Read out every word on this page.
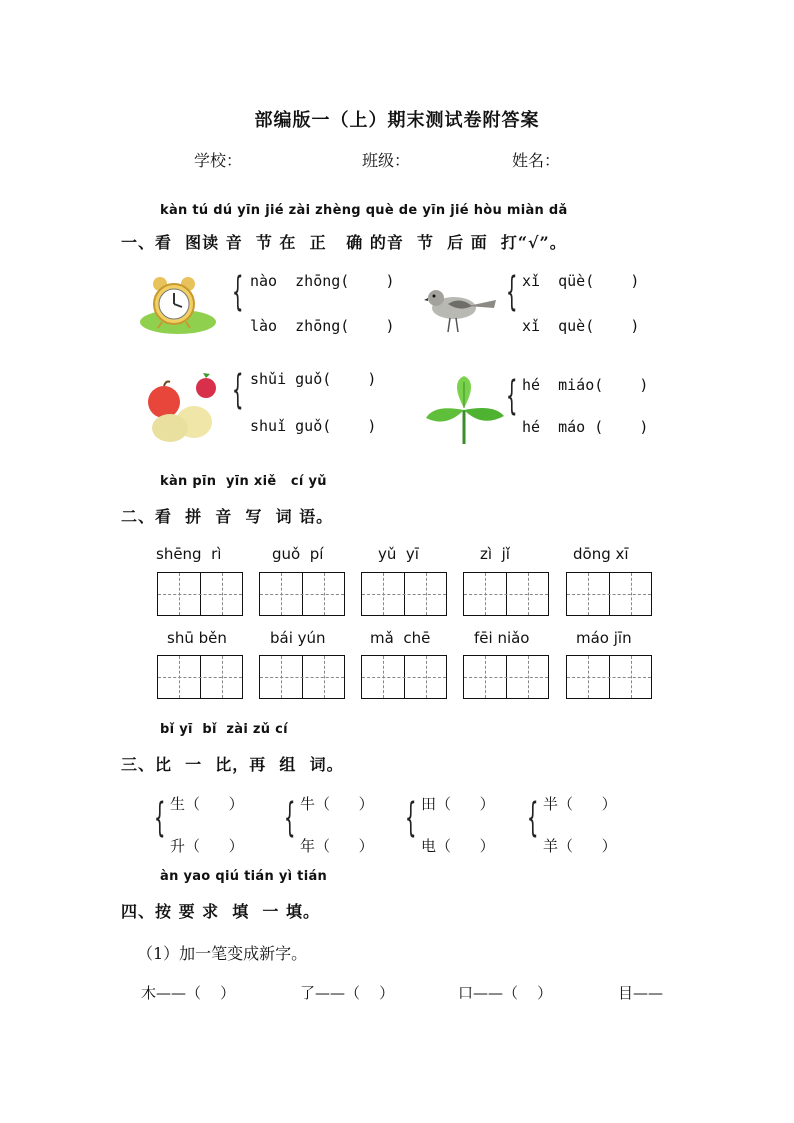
部编版一（上）期末测试卷附答案
学校：	班级：	姓名：
kàn tú dú yīn jié zài zhèng què de yīn jié hòu miàn dǎ
一、看  图读 音  节 在  正   确 的音  节  后 面  打“√”。
{ nào  zhōng(    )
lào  zhōng(    )
{ xǐ  qüè(    )
xǐ  què(    )
{ shǔi guǒ(    )
shuǐ guǒ(    )
{ hé  miáo(    )
hé  máo (    )
kàn pīn  yīn xiě   cí yǔ
二、看  拼  音  写  词 语。
shēng  rì	guǒ  pí	yǔ  yī	zì  jǐ	dōng xī
shū běn	bái yún	mǎ  chē	fēi niǎo	máo jīn
bǐ yī  bǐ  zài zǔ cí
三、比  一  比，再  组  词。
{ 生（      ）
升（      ）
{ 牛（      ）
年（      ）
{ 田（      ）
电（      ）
{ 半（      ）
羊（      ）
àn yao qiú tián yì tián
四、按 要 求  填  一 填。
（1）加一笔变成新字。
木——（    ）	了——（    ）	口——（    ）	目——
